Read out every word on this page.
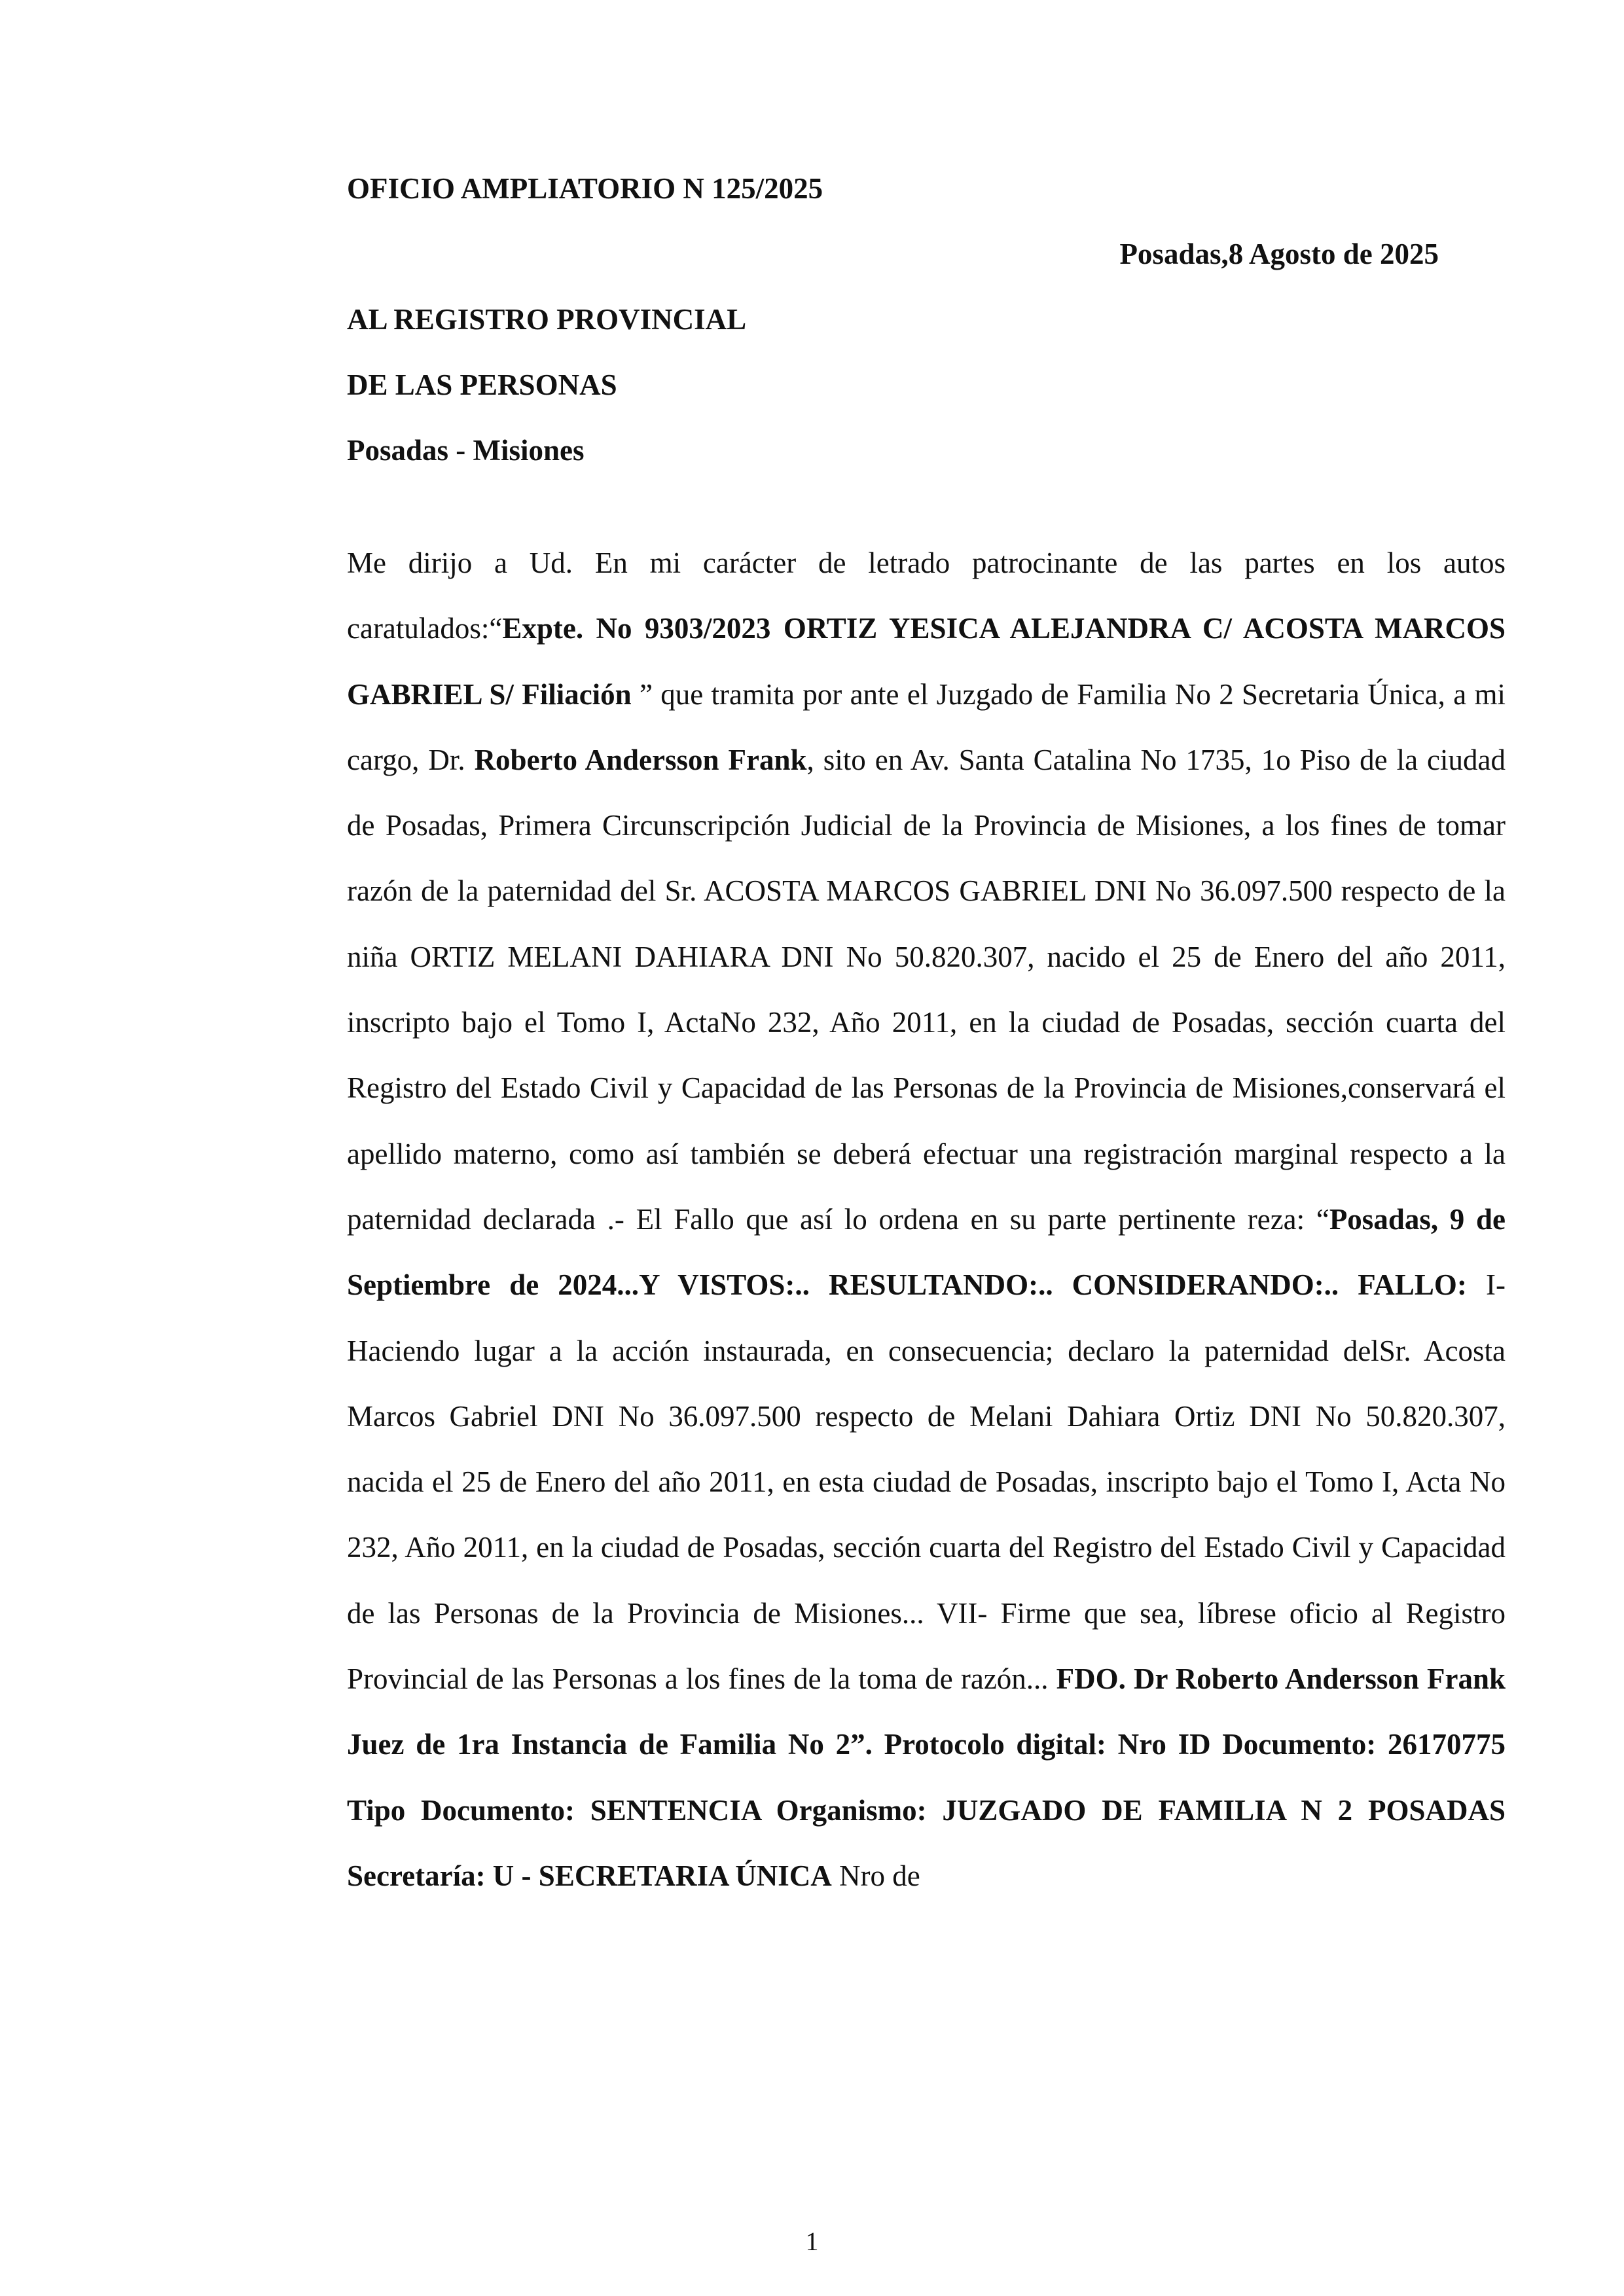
OFICIO AMPLIATORIO N 125/2025

Posadas,8 Agosto de 2025

AL REGISTRO PROVINCIAL

DE LAS PERSONAS

Posadas - Misiones

Me dirijo a Ud. En mi carácter de letrado patrocinante de las partes en los autos caratulados:“Expte. No 9303/2023 ORTIZ YESICA ALEJANDRA C/ ACOSTA MARCOS GABRIEL S/ Filiación ” que tramita por ante el Juzgado de Familia No 2 Secretaria Única, a mi cargo, Dr. Roberto Andersson Frank, sito en Av. Santa Catalina No 1735, 1o Piso de la ciudad de Posadas, Primera Circunscripción Judicial de la Provincia de Misiones, a los fines de tomar razón de la paternidad del Sr. ACOSTA MARCOS GABRIEL DNI No 36.097.500 respecto de la niña ORTIZ MELANI DAHIARA DNI No 50.820.307, nacido el 25 de Enero del año 2011, inscripto bajo el Tomo I, ActaNo 232, Año 2011, en la ciudad de Posadas, sección cuarta del Registro del Estado Civil y Capacidad de las Personas de la Provincia de Misiones,conservará el apellido materno, como así también se deberá efectuar una registración marginal respecto a la paternidad declarada .- El Fallo que así lo ordena en su parte pertinente reza: “Posadas, 9 de Septiembre de 2024...Y VISTOS:.. RESULTANDO:.. CONSIDERANDO:.. FALLO: I- Haciendo lugar a la acción instaurada, en consecuencia; declaro la paternidad delSr. Acosta Marcos Gabriel DNI No 36.097.500 respecto de Melani Dahiara Ortiz DNI No 50.820.307, nacida el 25 de Enero del año 2011, en esta ciudad de Posadas, inscripto bajo el Tomo I, Acta No 232, Año 2011, en la ciudad de Posadas, sección cuarta del Registro del Estado Civil y Capacidad de las Personas de la Provincia de Misiones... VII- Firme que sea, líbrese oficio al Registro Provincial de las Personas a los fines de la toma de razón... FDO. Dr Roberto Andersson Frank Juez de 1ra Instancia de Familia No 2”. Protocolo digital: Nro ID Documento: 26170775 Tipo Documento: SENTENCIA Organismo: JUZGADO DE FAMILIA N 2 POSADAS Secretaría: U - SECRETARIA ÚNICA Nro de

1
